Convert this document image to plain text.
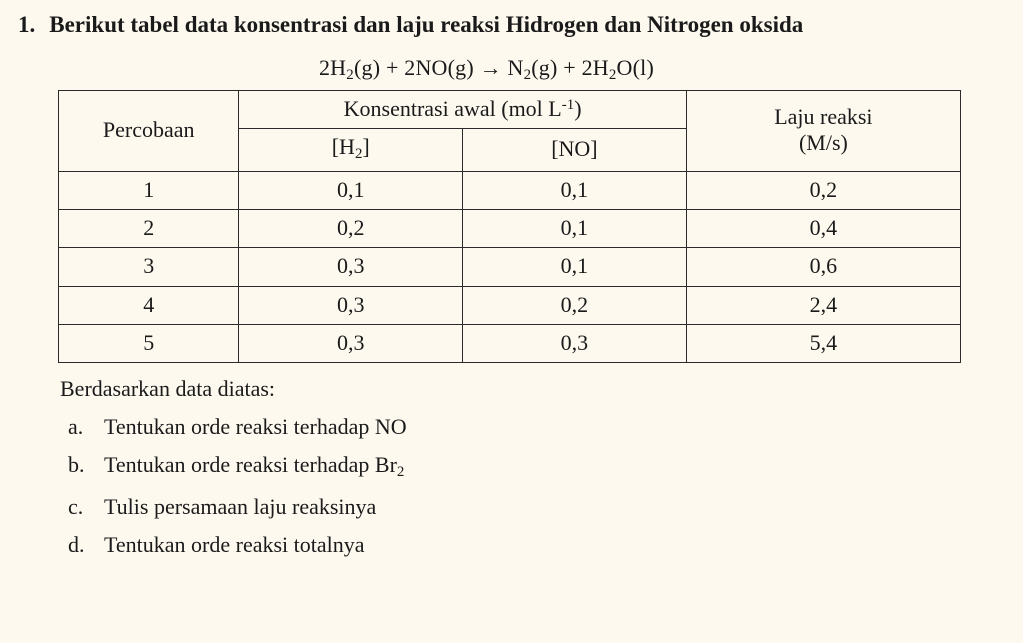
1. Berikut tabel data konsentrasi dan laju reaksi Hidrogen dan Nitrogen oksida
$2H_2(g) + 2NO(g) \to N_2(g) + 2H_2O(l)$
Percobaan	Konsentrasi awal (mol $L^{-1}$)		Laju reaksi
(M/s)

	$[H_2]$	[NO]	
1	0,1	0,1	0,2
2	0,2	0,1	0,4
3	0,3	0,1	0,6
4	0,3	0,2	2,4
5	0,3	0,3	5,4
Berdasarkan data diatas:
a. Tentukan orde reaksi terhadap NO
b. Tentukan orde reaksi terhadap $Br_2$
c. Tulis persamaan laju reaksinya
d. Tentukan orde reaksi totalnya
